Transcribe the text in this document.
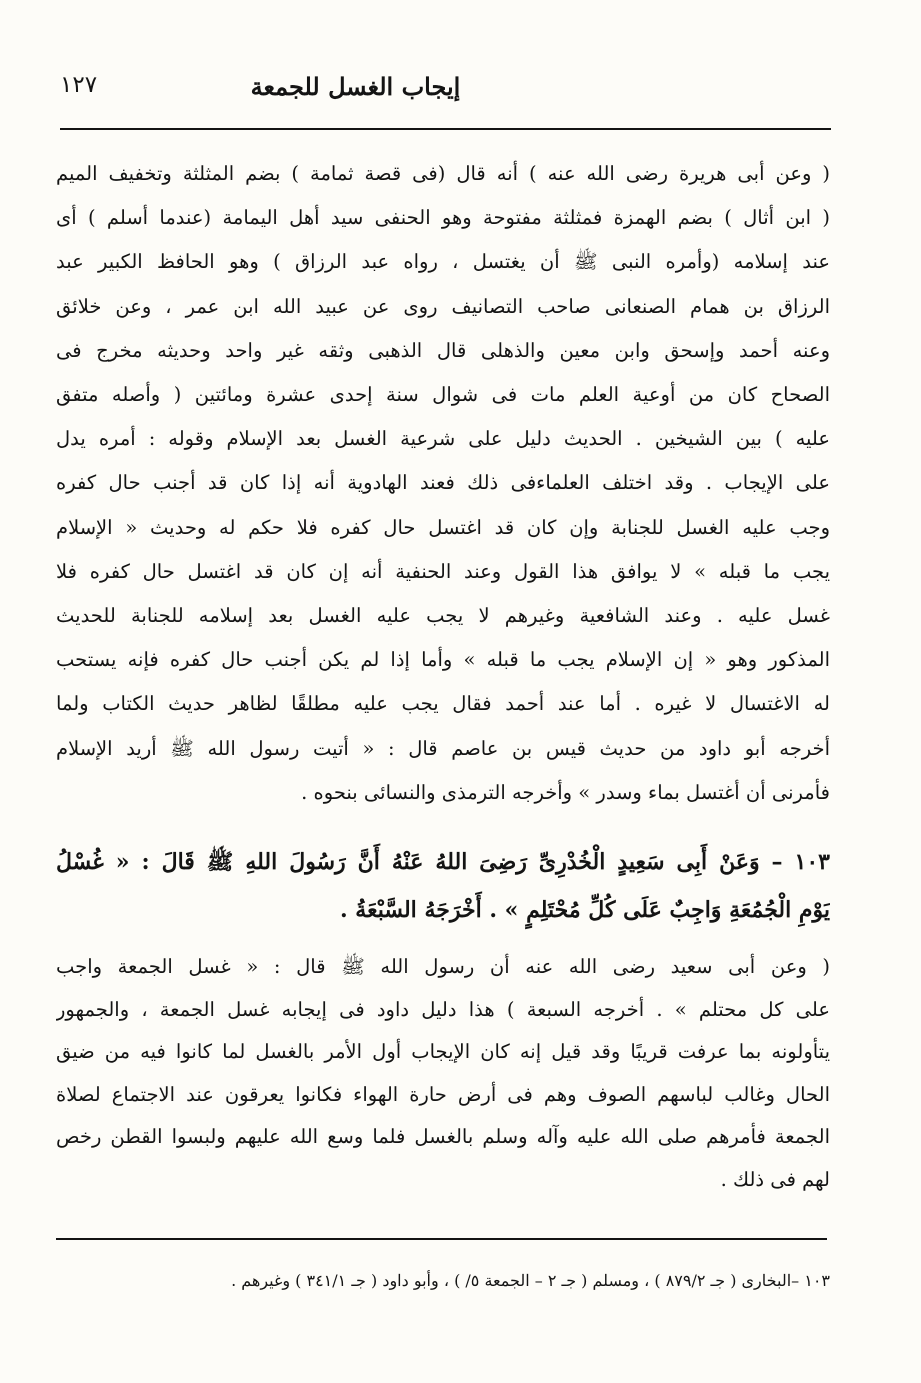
إيجاب الغسل للجمعة
١٢٧
( وعن أبى هريرة رضى الله عنه ) أنه قال (فى قصة ثمامة ) بضم المثلثة وتخفيف الميم
( ابن أثال ) بضم الهمزة فمثلثة مفتوحة وهو الحنفى سيد أهل اليمامة (عندما أسلم ) أى
عند إسلامه (وأمره النبى ﷺ أن يغتسل ، رواه عبد الرزاق ) وهو الحافظ الكبير عبد
الرزاق بن همام الصنعانى صاحب التصانيف روى عن عبيد الله ابن عمر ، وعن خلائق
وعنه أحمد وإسحق وابن معين والذهلى قال الذهبى وثقه غير واحد وحديثه مخرج فى
الصحاح كان من أوعية العلم مات فى شوال سنة إحدى عشرة ومائتين ( وأصله متفق
عليه ) بين الشيخين . الحديث دليل على شرعية الغسل بعد الإسلام وقوله : أمره يدل
على الإيجاب . وقد اختلف العلماءفى ذلك فعند الهادوية أنه إذا كان قد أجنب حال كفره
وجب عليه الغسل للجنابة وإن كان قد اغتسل حال كفره فلا حكم له وحديث « الإسلام
يجب ما قبله » لا يوافق هذا القول وعند الحنفية أنه إن كان قد اغتسل حال كفره فلا
غسل عليه . وعند الشافعية وغيرهم لا يجب عليه الغسل بعد إسلامه للجنابة للحديث
المذكور وهو « إن الإسلام يجب ما قبله » وأما إذا لم يكن أجنب حال كفره فإنه يستحب
له الاغتسال لا غيره . أما عند أحمد فقال يجب عليه مطلقًا لظاهر حديث الكتاب ولما
أخرجه أبو داود من حديث قيس بن عاصم قال : « أتيت رسول الله ﷺ أريد الإسلام
فأمرنى أن أغتسل بماء وسدر » وأخرجه الترمذى والنسائى بنحوه .
١٠٣ – وَعَنْ أَبِى سَعِيدٍ الْخُدْرِىِّ رَضِىَ اللهُ عَنْهُ أَنَّ رَسُولَ اللهِ ﷺ قَالَ : « غُسْلُ
يَوْمِ الْجُمُعَةِ وَاجِبٌ عَلَى كُلِّ مُحْتَلِمٍ » . أَخْرَجَهُ السَّبْعَةُ .
( وعن أبى سعيد رضى الله عنه أن رسول الله ﷺ قال : « غسل الجمعة واجب
على كل محتلم » . أخرجه السبعة ) هذا دليل داود فى إيجابه غسل الجمعة ، والجمهور
يتأولونه بما عرفت قريبًا وقد قيل إنه كان الإيجاب أول الأمر بالغسل لما كانوا فيه من ضيق
الحال وغالب لباسهم الصوف وهم فى أرض حارة الهواء فكانوا يعرقون عند الاجتماع لصلاة
الجمعة فأمرهم صلى الله عليه وآله وسلم بالغسل فلما وسع الله عليهم ولبسوا القطن رخص
لهم فى ذلك .
١٠٣ –البخارى ( جـ ٨٧٩/٢ ) ، ومسلم ( جـ ٢ – الجمعة ٥/ ) ، وأبو داود ( جـ ٣٤١/١ ) وغيرهم .
